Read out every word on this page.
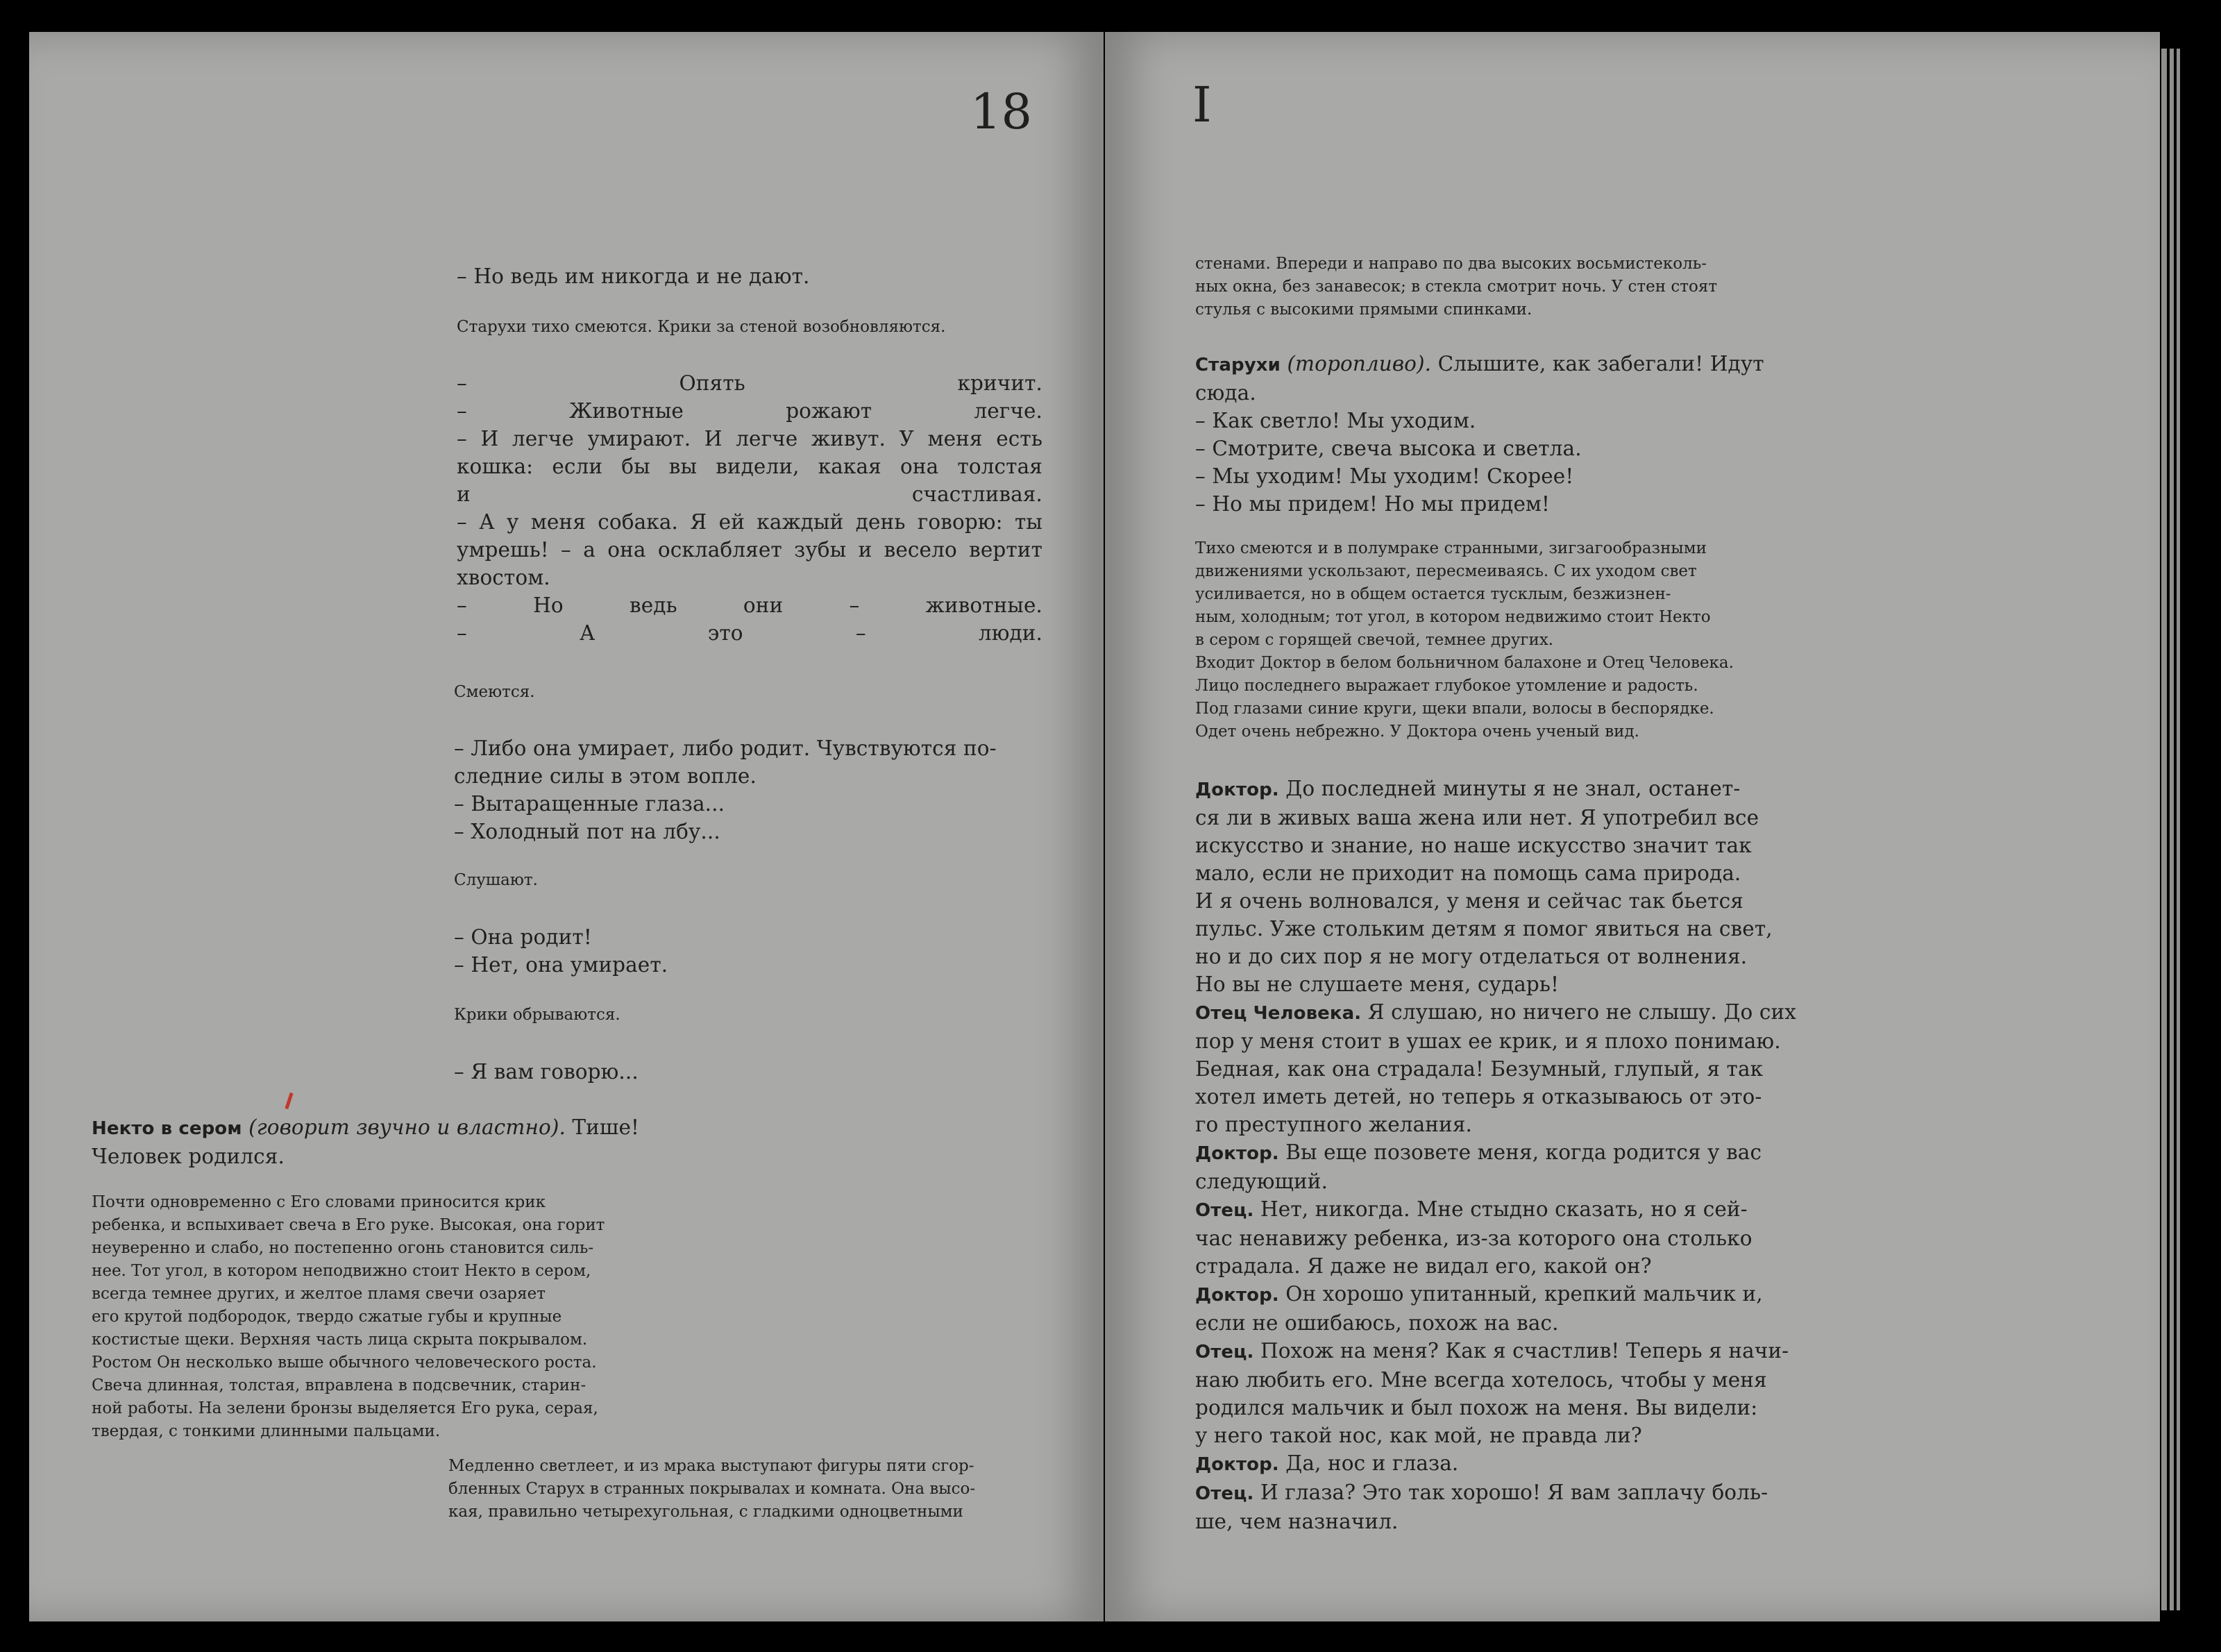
18
– Но ведь им никогда и не дают.
Старухи тихо смеются. Крики за стеной возобновляются.
– Опять кричит.
– Животные рожают легче.
– И легче умирают. И легче живут. У меня есть
кошка: если бы вы видели, какая она толстая
и счастливая.
– А у меня собака. Я ей каждый день говорю: ты
умрешь! – а она осклабляет зубы и весело вертит
хвостом.
– Но ведь они – животные.
– А это – люди.
Смеются.
– Либо она умирает, либо родит. Чувствуются по-
следние силы в этом вопле.
– Вытаращенные глаза...
– Холодный пот на лбу...
Слушают.
– Она родит!
– Нет, она умирает.
Крики обрываются.
– Я вам говорю...
Некто в сером (говорит звучно и властно). Тише!
Человек родился.
Почти одновременно с Его словами приносится крик
ребенка, и вспыхивает свеча в Его руке. Высокая, она горит
неуверенно и слабо, но постепенно огонь становится силь-
нее. Тот угол, в котором неподвижно стоит Некто в сером,
всегда темнее других, и желтое пламя свечи озаряет
его крутой подбородок, твердо сжатые губы и крупные
костистые щеки. Верхняя часть лица скрыта покрывалом.
Ростом Он несколько выше обычного человеческого роста.
Свеча длинная, толстая, вправлена в подсвечник, старин-
ной работы. На зелени бронзы выделяется Его рука, серая,
твердая, с тонкими длинными пальцами.
Медленно светлеет, и из мрака выступают фигуры пяти сгор-
бленных Старух в странных покрывалах и комната. Она высо-
кая, правильно четырехугольная, с гладкими одноцветными
I
стенами. Впереди и направо по два высоких восьмистеколь-
ных окна, без занавесок; в стекла смотрит ночь. У стен стоят
стулья с высокими прямыми спинками.
Старухи (торопливо). Слышите, как забегали! Идут
сюда.
– Как светло! Мы уходим.
– Смотрите, свеча высока и светла.
– Мы уходим! Мы уходим! Скорее!
– Но мы придем! Но мы придем!
Тихо смеются и в полумраке странными, зигзагообразными
движениями ускользают, пересмеиваясь. С их уходом свет
усиливается, но в общем остается тусклым, безжизнен-
ным, холодным; тот угол, в котором недвижимо стоит Некто
в сером с горящей свечой, темнее других.
Входит Доктор в белом больничном балахоне и Отец Человека.
Лицо последнего выражает глубокое утомление и радость.
Под глазами синие круги, щеки впали, волосы в беспорядке.
Одет очень небрежно. У Доктора очень ученый вид.
Доктор. До последней минуты я не знал, останет-
ся ли в живых ваша жена или нет. Я употребил все
искусство и знание, но наше искусство значит так
мало, если не приходит на помощь сама природа.
И я очень волновался, у меня и сейчас так бьется
пульс. Уже стольким детям я помог явиться на свет,
но и до сих пор я не могу отделаться от волнения.
Но вы не слушаете меня, сударь!
Отец Человека. Я слушаю, но ничего не слышу. До сих
пор у меня стоит в ушах ее крик, и я плохо понимаю.
Бедная, как она страдала! Безумный, глупый, я так
хотел иметь детей, но теперь я отказываюсь от это-
го преступного желания.
Доктор. Вы еще позовете меня, когда родится у вас
следующий.
Отец. Нет, никогда. Мне стыдно сказать, но я сей-
час ненавижу ребенка, из-за которого она столько
страдала. Я даже не видал его, какой он?
Доктор. Он хорошо упитанный, крепкий мальчик и,
если не ошибаюсь, похож на вас.
Отец. Похож на меня? Как я счастлив! Теперь я начи-
наю любить его. Мне всегда хотелось, чтобы у меня
родился мальчик и был похож на меня. Вы видели:
у него такой нос, как мой, не правда ли?
Доктор. Да, нос и глаза.
Отец. И глаза? Это так хорошо! Я вам заплачу боль-
ше, чем назначил.
